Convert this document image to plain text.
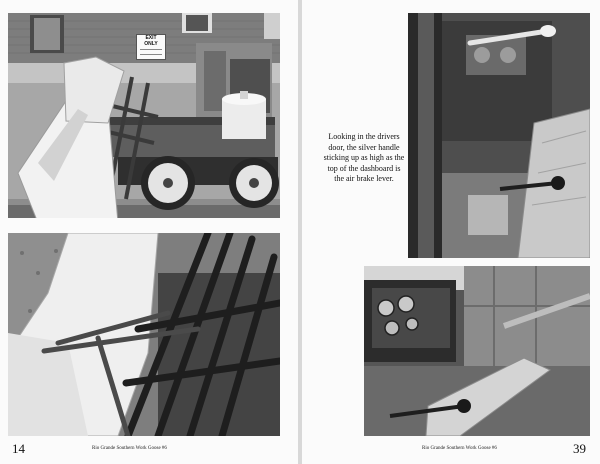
EXIT
ONLY
Looking in the drivers door, the silver handle sticking up as high as the top of the dashboard is the air brake lever.
14	Rio Grande Southern Work Goose #6	Rio Grande Southern Work Goose #6	39
